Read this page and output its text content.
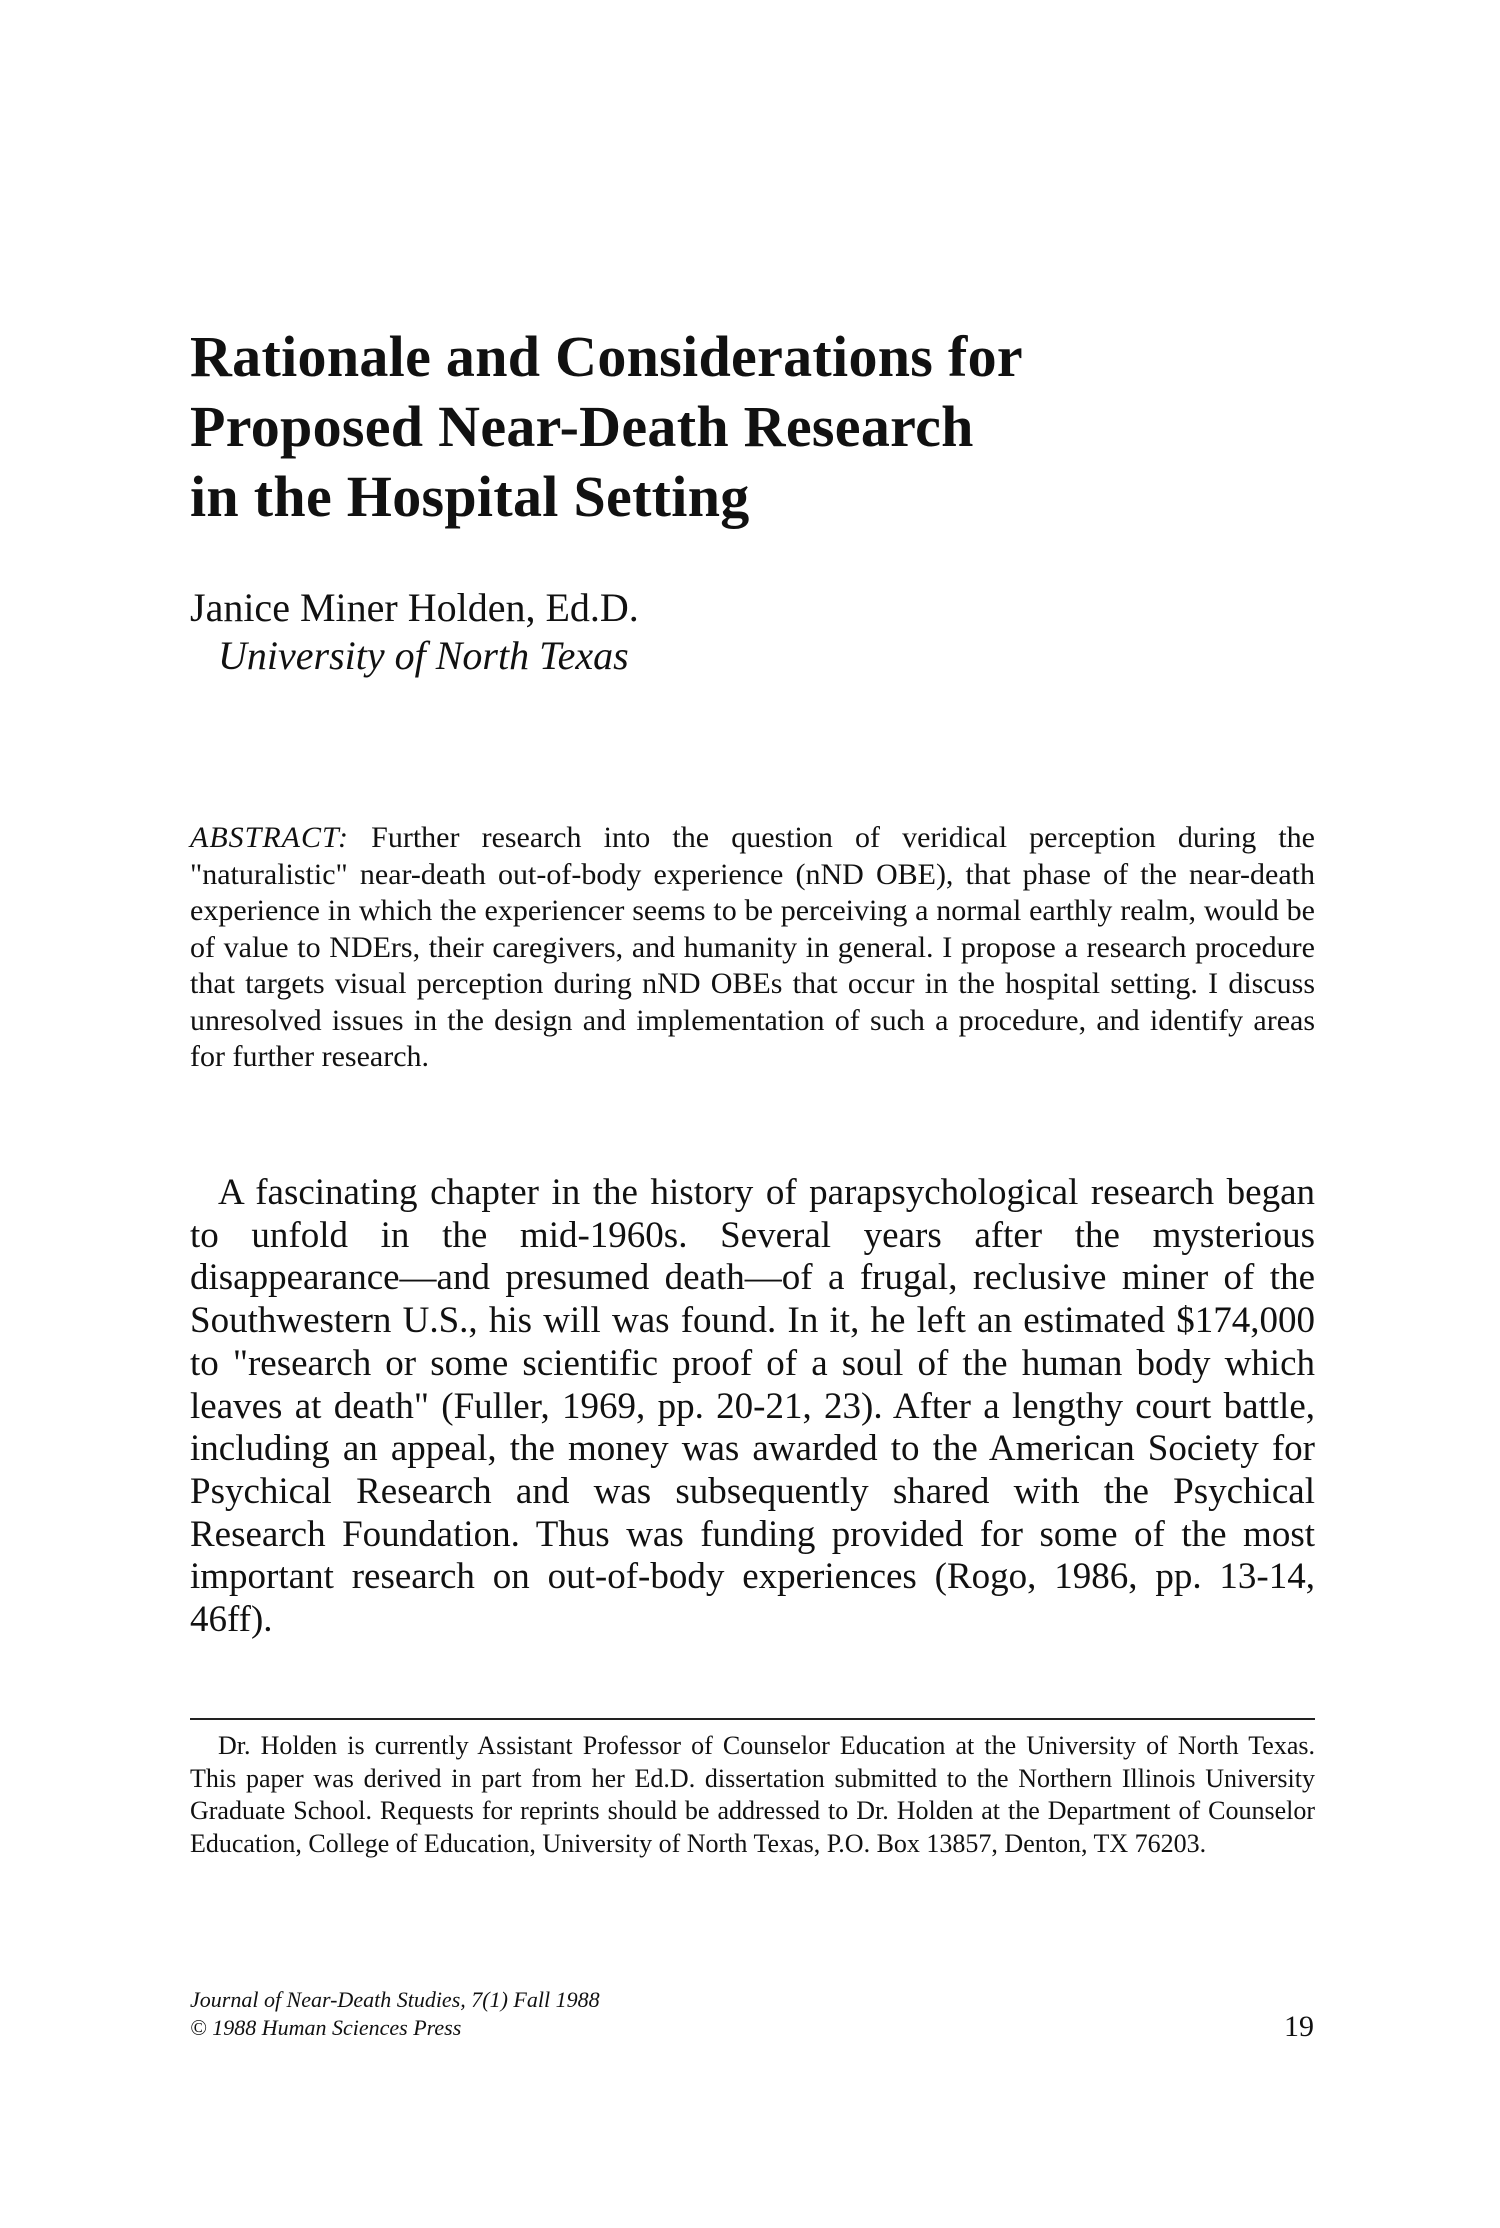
Rationale and Considerations for
Proposed Near-Death Research
in the Hospital Setting
Janice Miner Holden, Ed.D.
University of North Texas

ABSTRACT: Further research into the question of veridical perception during the "naturalistic" near-death out-of-body experience (nND OBE), that phase of the near-death experience in which the experiencer seems to be perceiving a normal earthly realm, would be of value to NDErs, their caregivers, and humanity in general. I propose a research procedure that targets visual perception during nND OBEs that occur in the hospital setting. I discuss unresolved issues in the design and implementation of such a procedure, and identify areas for further research.

A fascinating chapter in the history of parapsychological research began to unfold in the mid-1960s. Several years after the mysterious disappearance—and presumed death—of a frugal, reclusive miner of the Southwestern U.S., his will was found. In it, he left an estimated $174,000 to "research or some scientific proof of a soul of the human body which leaves at death" (Fuller, 1969, pp. 20-21, 23). After a lengthy court battle, including an appeal, the money was awarded to the American Society for Psychical Research and was subsequently shared with the Psychical Research Foundation. Thus was funding provided for some of the most important research on out-of-body experiences (Rogo, 1986, pp. 13-14, 46ff).

Dr. Holden is currently Assistant Professor of Counselor Education at the University of North Texas. This paper was derived in part from her Ed.D. dissertation submitted to the Northern Illinois University Graduate School. Requests for reprints should be addressed to Dr. Holden at the Department of Counselor Education, College of Education, University of North Texas, P.O. Box 13857, Denton, TX 76203.

Journal of Near-Death Studies, 7(1) Fall 1988
© 1988 Human Sciences Press	19
